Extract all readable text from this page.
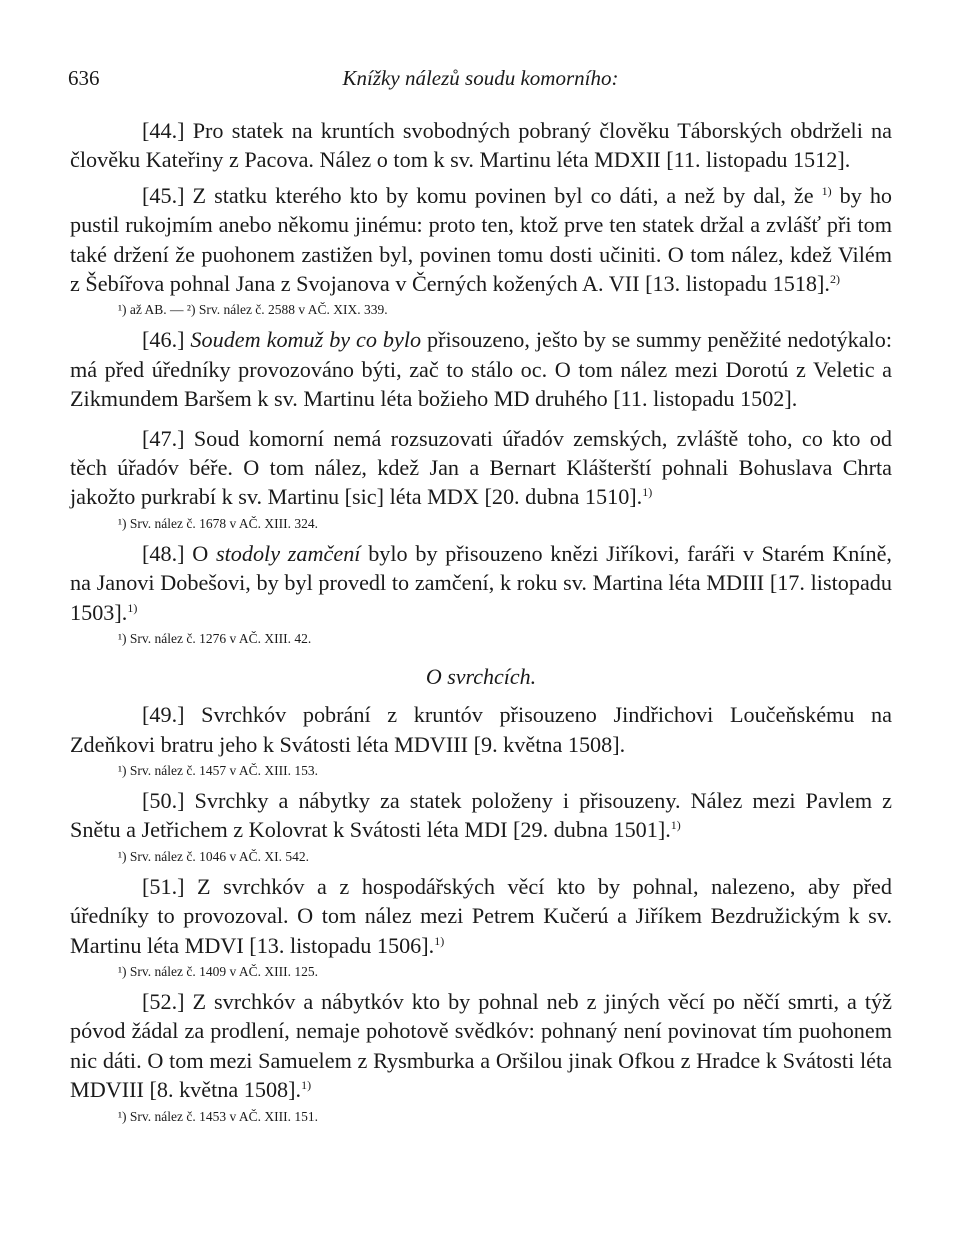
636	Knížky nálezů soudu komorního:

[44.] Pro statek na kruntích svobodných pobraný člověku Táborských obdrželi na člověku Kateřiny z Pacova. Nález o tom k sv. Martinu léta MDXII [11. listopadu 1512].

[45.] Z statku kterého kto by komu povinen byl co dáti, a než by dal, že $^{1)}$ by ho pustil rukojmím anebo někomu jinému: proto ten, ktož prve ten statek držal a zvlášť při tom také držení že puohonem zastižen byl, povinen tomu dosti učiniti. O tom nález, kdež Vilém z Šebířova pohnal Jana z Svojanova v Černých kožených A. VII [13. listopadu 1518].$^{2)}$

¹) až AB. — ²) Srv. nález č. 2588 v AČ. XIX. 339.

[46.] Soudem komuž by co bylo přisouzeno, ješto by se summy peněžité nedotýkalo: má před úředníky provozováno býti, zač to stálo oc. O tom nález mezi Dorotú z Veletic a Zikmundem Baršem k sv. Martinu léta božieho MD druhého [11. listopadu 1502].

[47.] Soud komorní nemá rozsuzovati úřadóv zemských, zvláště toho, co kto od těch úřadóv béře. O tom nález, kdež Jan a Bernart Klášterští pohnali Bohuslava Chrta jakožto purkrabí k sv. Martinu [sic] léta MDX [20. dubna 1510].$^{1)}$

¹) Srv. nález č. 1678 v AČ. XIII. 324.

[48.] O stodoly zamčení bylo by přisouzeno knězi Jiříkovi, faráři v Starém Kníně, na Janovi Dobešovi, by byl provedl to zamčení, k roku sv. Martina léta MDIII [17. listopadu 1503].$^{1)}$

¹) Srv. nález č. 1276 v AČ. XIII. 42.

O svrchcích.

[49.] Svrchkóv pobrání z kruntóv přisouzeno Jindřichovi Loučeňskému na Zdeňkovi bratru jeho k Svátosti léta MDVIII [9. května 1508].

¹) Srv. nález č. 1457 v AČ. XIII. 153.

[50.] Svrchky a nábytky za statek položeny i přisouzeny. Nález mezi Pavlem z Snětu a Jetřichem z Kolovrat k Svátosti léta MDI [29. dubna 1501].$^{1)}$

¹) Srv. nález č. 1046 v AČ. XI. 542.

[51.] Z svrchkóv a z hospodářských věcí kto by pohnal, nalezeno, aby před úředníky to provozoval. O tom nález mezi Petrem Kučerú a Jiříkem Bezdružickým k sv. Martinu léta MDVI [13. listopadu 1506].$^{1)}$

¹) Srv. nález č. 1409 v AČ. XIII. 125.

[52.] Z svrchkóv a nábytkóv kto by pohnal neb z jiných věcí po něčí smrti, a týž póvod žádal za prodlení, nemaje pohotově svědkóv: pohnaný není povinovat tím puohonem nic dáti. O tom mezi Samuelem z Rysmburka a Oršilou jinak Ofkou z Hradce k Svátosti léta MDVIII [8. května 1508].$^{1)}$

¹) Srv. nález č. 1453 v AČ. XIII. 151.
